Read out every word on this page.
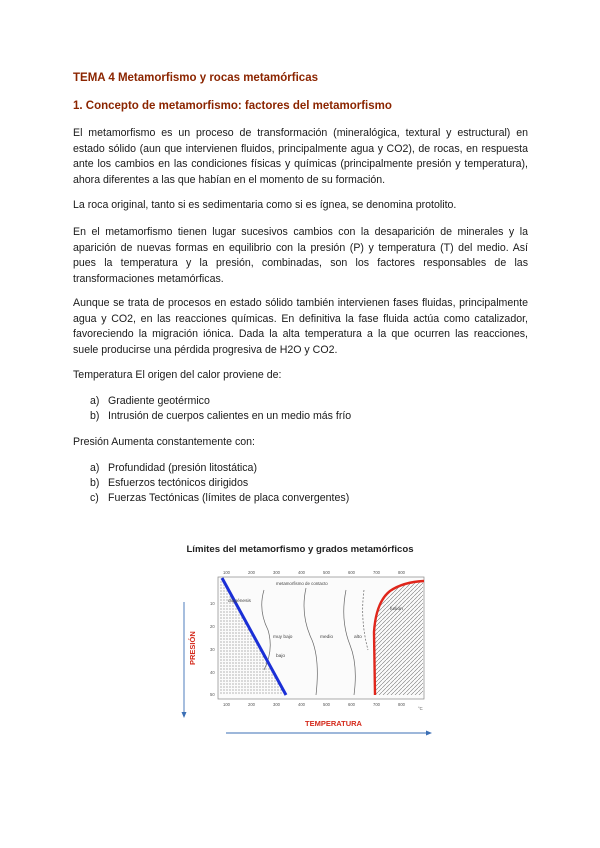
TEMA 4 Metamorfismo y rocas metamórficas
1. Concepto de metamorfismo: factores del metamorfismo

El metamorfismo es un proceso de transformación (mineralógica, textural y estructural) en estado sólido (aun que intervienen fluidos, principalmente agua y CO2), de rocas, en respuesta ante los cambios en las condiciones físicas y químicas (principalmente presión y temperatura), ahora diferentes a las que habían en el momento de su formación.

La roca original, tanto si es sedimentaria como si es ígnea, se denomina protolito.

En el metamorfismo tienen lugar sucesivos cambios con la desaparición de minerales y la aparición de nuevas formas en equilibrio con la presión (P) y temperatura (T) del medio. Así pues la temperatura y la presión, combinadas, son los factores responsables de las transformaciones metamórficas.

Aunque se trata de procesos en estado sólido también intervienen fases fluidas, principalmente agua y CO2, en las reacciones químicas. En definitiva la fase fluida actúa como catalizador, favoreciendo la migración iónica. Dada la alta temperatura a la que ocurren las reacciones, suele producirse una pérdida progresiva de H2O y CO2.

Temperatura El origen del calor proviene de:

a) Gradiente geotérmico
b) Intrusión de cuerpos calientes en un medio más frío

Presión Aumenta constantemente con:

a) Profundidad (presión litostática)
b) Esfuerzos tectónicos dirigidos
c) Fuerzas Tectónicas (límites de placa convergentes)
Límites del metamorfismo y grados metamórficos
diagénesis
muy bajo
bajo
medio	alto
metamorfismo de contacto
fusión
100	200	300	400	500	600	700	800
100	200	300	400	500	600	700	800
°C
10
20
30
40
50
PRESIÓN
TEMPERATURA
